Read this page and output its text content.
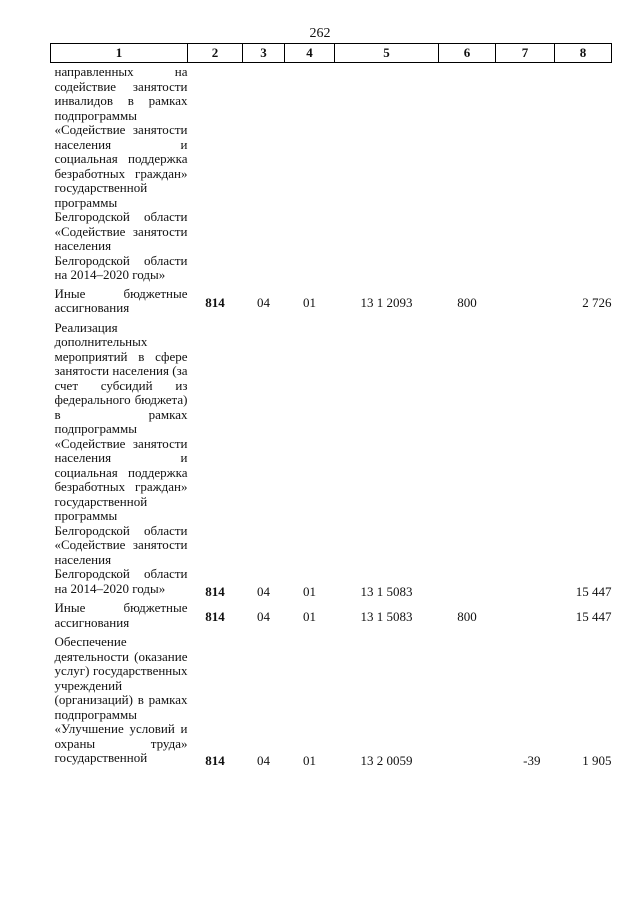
262
1	2	3	4	5	6	7	8
направленных на содействие занятости инвалидов в рамках подпрограммы «Содействие занятости населения и социальная поддержка безработных граждан» государственной программы Белгородской области «Содействие занятости населения Белгородской области на 2014–2020 годы»							
Иные бюджетные ассигнования	814	04	01	13 1 2093	800		2 726
Реализация дополнительных мероприятий в сфере занятости населения (за счет субсидий из федерального бюджета) в рамках подпрограммы «Содействие занятости населения и социальная поддержка безработных граждан» государственной программы Белгородской области «Содействие занятости населения Белгородской области на 2014–2020 годы»	814	04	01	13 1 5083			15 447
Иные бюджетные ассигнования	814	04	01	13 1 5083	800		15 447
Обеспечение деятельности (оказание услуг) государственных учреждений (организаций) в рамках подпрограммы «Улучшение условий и охраны труда» государственной	814	04	01	13 2 0059		-39	1 905
